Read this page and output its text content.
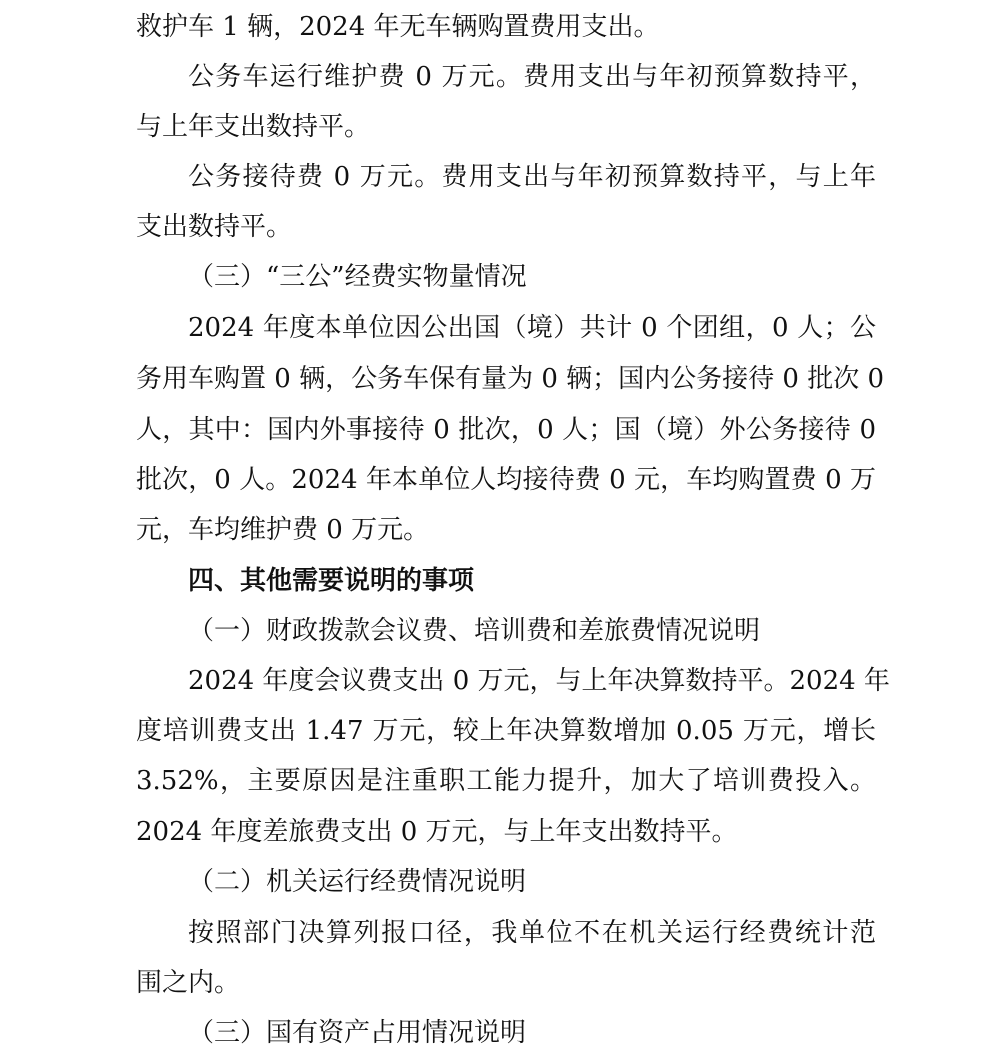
救护车 1 辆，2024 年无车辆购置费用支出。
公务车运行维护费 0 万元。费用支出与年初预算数持平，
与上年支出数持平。
公务接待费 0 万元。费用支出与年初预算数持平，与上年
支出数持平。
（三）“三公”经费实物量情况
2024 年度本单位因公出国（境）共计 0 个团组，0 人；公
务用车购置 0 辆，公务车保有量为 0 辆；国内公务接待 0 批次 0
人，其中：国内外事接待 0 批次，0 人；国（境）外公务接待 0
批次，0 人。2024 年本单位人均接待费 0 元，车均购置费 0 万
元，车均维护费 0 万元。
四、其他需要说明的事项
（一）财政拨款会议费、培训费和差旅费情况说明
2024 年度会议费支出 0 万元，与上年决算数持平。2024 年
度培训费支出 1.47 万元，较上年决算数增加 0.05 万元，增长
3.52%，主要原因是注重职工能力提升，加大了培训费投入。
2024 年度差旅费支出 0 万元，与上年支出数持平。
（二）机关运行经费情况说明
按照部门决算列报口径，我单位不在机关运行经费统计范
围之内。
（三）国有资产占用情况说明
